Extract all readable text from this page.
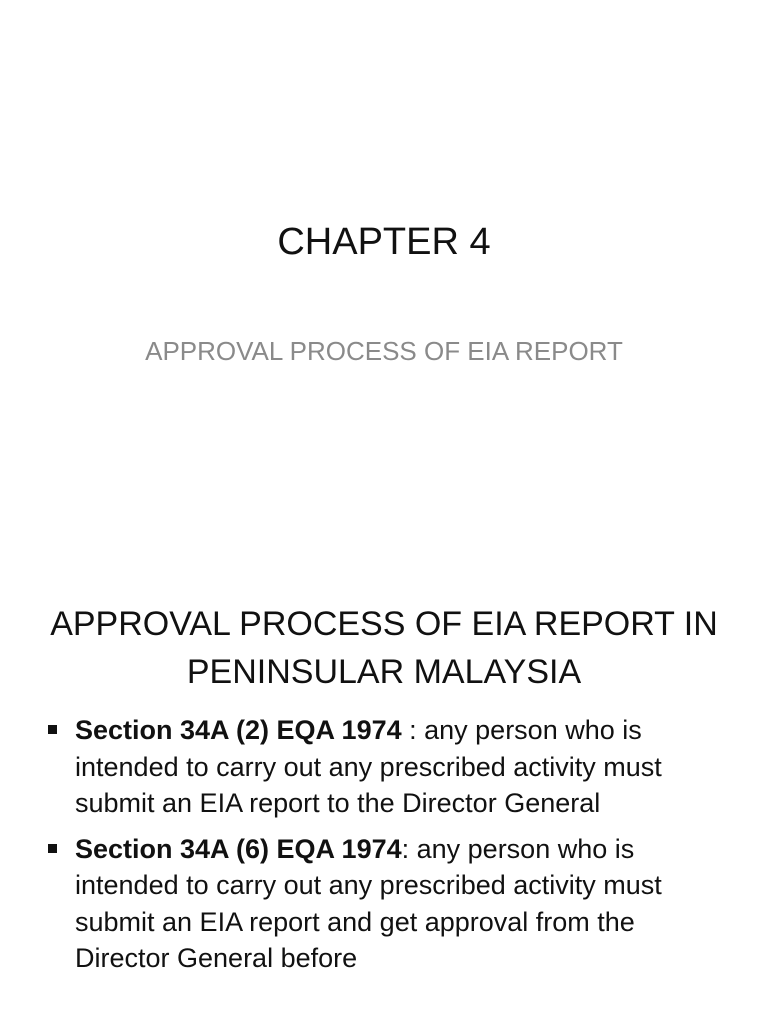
CHAPTER 4
APPROVAL PROCESS OF EIA REPORT
APPROVAL PROCESS OF EIA REPORT IN PENINSULAR MALAYSIA
Section 34A (2) EQA 1974 : any person who is intended to carry out any prescribed activity must submit an EIA report to the Director General
Section 34A (6) EQA 1974: any person who is intended to carry out any prescribed activity must submit an EIA report and get approval from the Director General before
